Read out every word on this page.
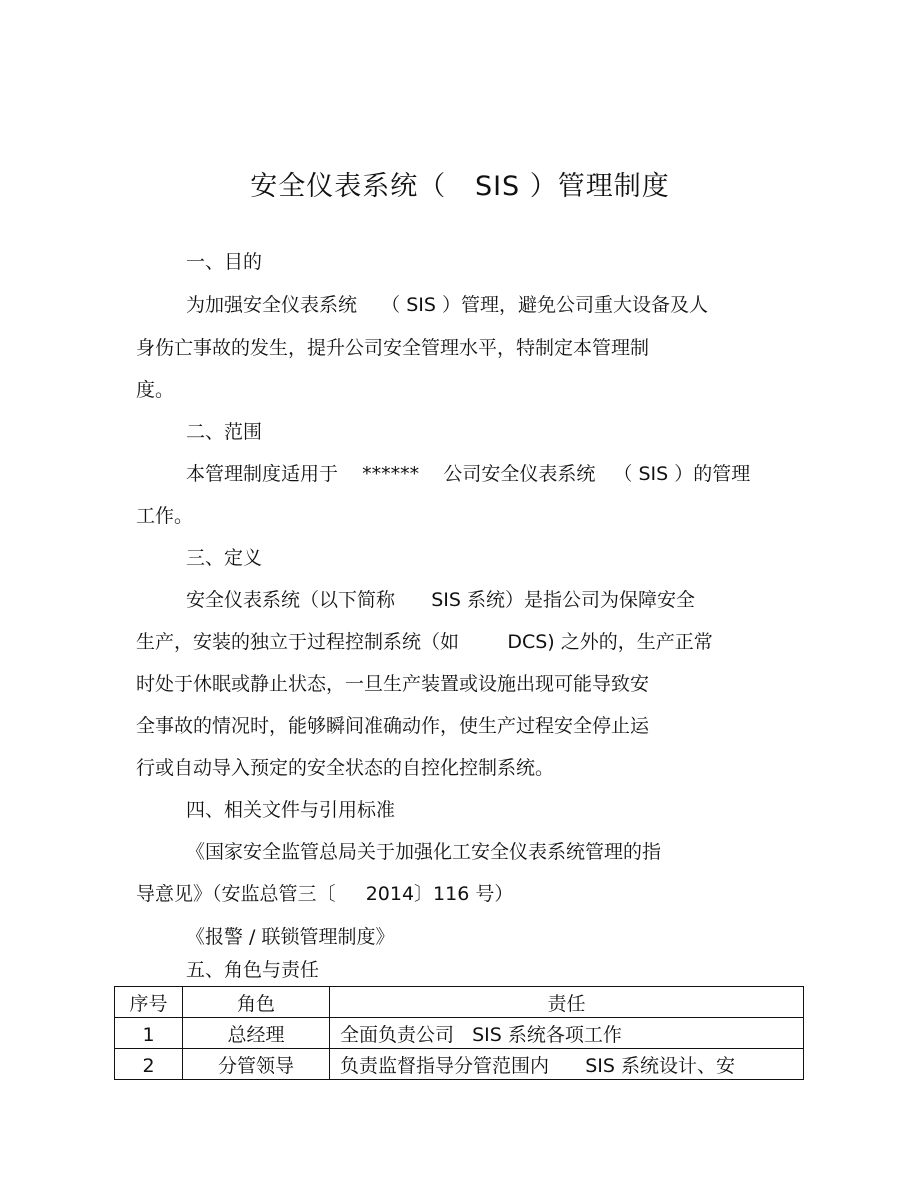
安全仪表系统（   SIS ）管理制度
一、目的
为加强安全仪表系统    （ SIS ）管理，避免公司重大设备及人
身伤亡事故的发生，提升公司安全管理水平，特制定本管理制
度。
二、范围
本管理制度适用于    ******    公司安全仪表系统   （ SIS ）的管理
工作。
三、定义
安全仪表系统（以下简称      SIS 系统）是指公司为保障安全
生产，安装的独立于过程控制系统（如        DCS) 之外的，生产正常
时处于休眠或静止状态，一旦生产装置或设施出现可能导致安
全事故的情况时，能够瞬间准确动作，使生产过程安全停止运
行或自动导入预定的安全状态的自控化控制系统。
四、相关文件与引用标准
《国家安全监管总局关于加强化工安全仪表系统管理的指
导意见》（安监总管三〔     2014〕116 号）
《报警 / 联锁管理制度》
五、角色与责任
序号	角色	责任
1	总经理	全面负责公司   SIS 系统各项工作
2	分管领导	负责监督指导分管范围内      SIS 系统设计、安
